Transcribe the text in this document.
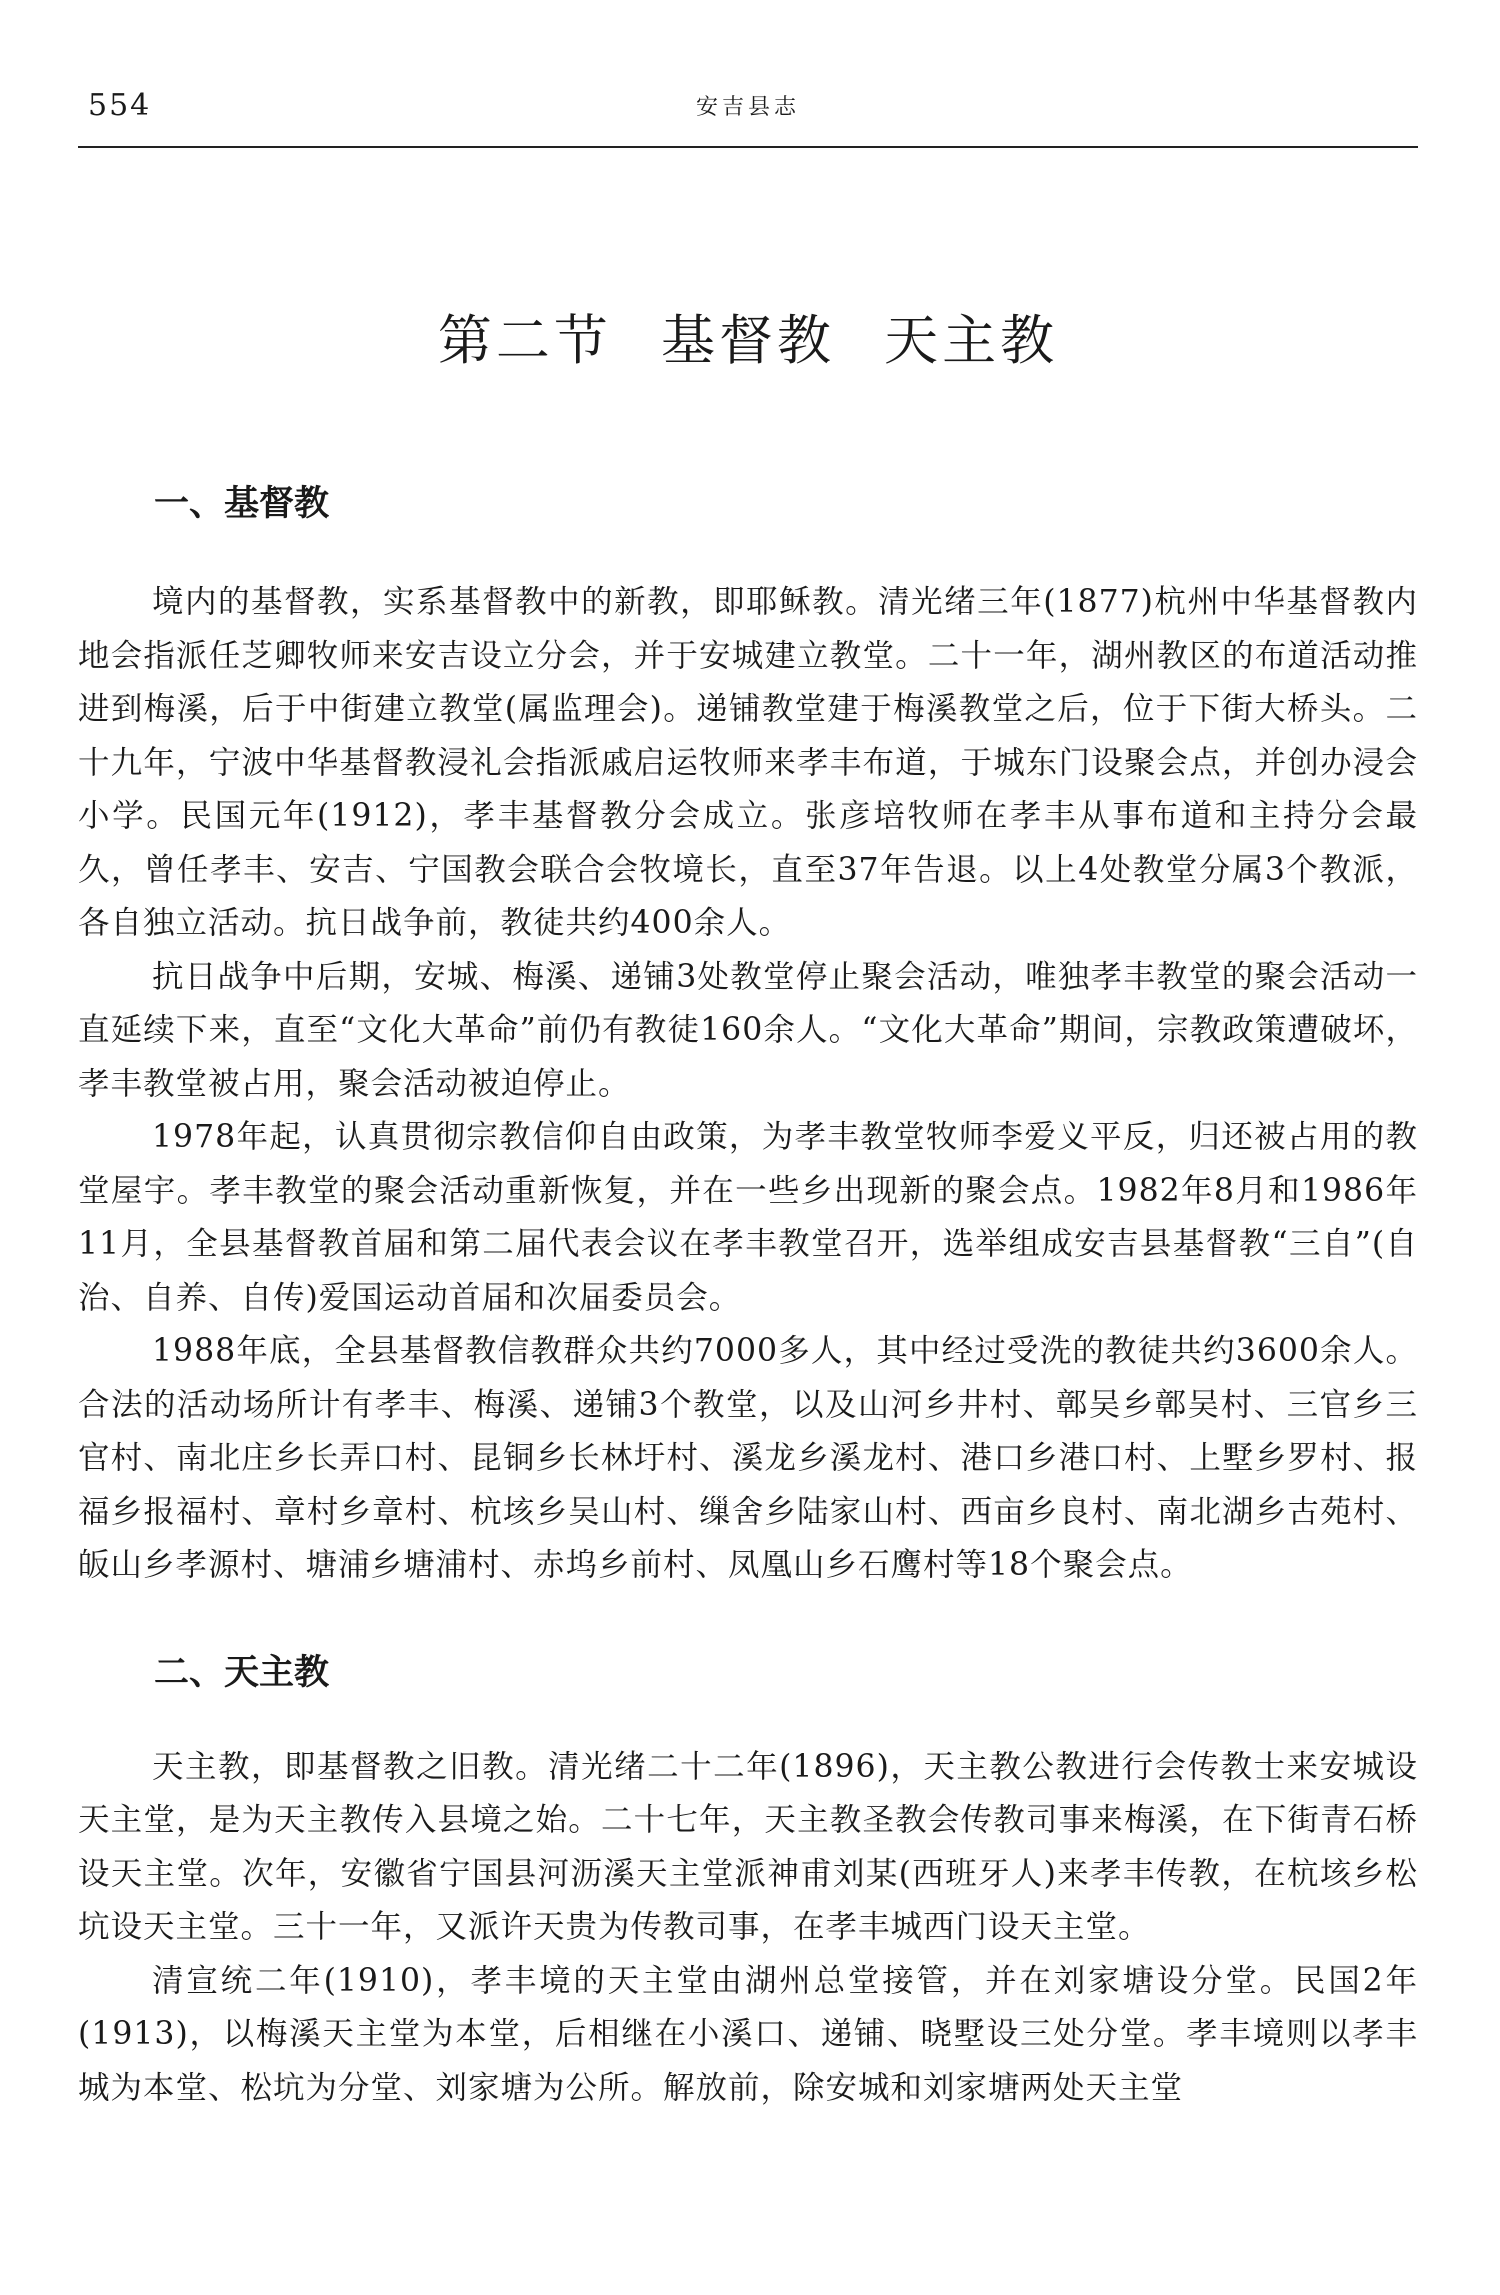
554	安吉县志
第二节 基督教 天主教
一、基督教

境内的基督教，实系基督教中的新教，即耶稣教。清光绪三年(1877)杭州中华基督教内地会指派任芝卿牧师来安吉设立分会，并于安城建立教堂。二十一年，湖州教区的布道活动推进到梅溪，后于中街建立教堂(属监理会)。递铺教堂建于梅溪教堂之后，位于下街大桥头。二十九年，宁波中华基督教浸礼会指派戚启运牧师来孝丰布道，于城东门设聚会点，并创办浸会小学。民国元年(1912)，孝丰基督教分会成立。张彦培牧师在孝丰从事布道和主持分会最久，曾任孝丰、安吉、宁国教会联合会牧境长，直至37年告退。以上4处教堂分属3个教派，各自独立活动。抗日战争前，教徒共约400余人。

抗日战争中后期，安城、梅溪、递铺3处教堂停止聚会活动，唯独孝丰教堂的聚会活动一直延续下来，直至“文化大革命”前仍有教徒160余人。“文化大革命”期间，宗教政策遭破坏，孝丰教堂被占用，聚会活动被迫停止。

1978年起，认真贯彻宗教信仰自由政策，为孝丰教堂牧师李爱义平反，归还被占用的教堂屋宇。孝丰教堂的聚会活动重新恢复，并在一些乡出现新的聚会点。1982年8月和1986年11月，全县基督教首届和第二届代表会议在孝丰教堂召开，选举组成安吉县基督教“三自”(自治、自养、自传)爱国运动首届和次届委员会。

1988年底，全县基督教信教群众共约7000多人，其中经过受洗的教徒共约3600余人。合法的活动场所计有孝丰、梅溪、递铺3个教堂，以及山河乡井村、鄣吴乡鄣吴村、三官乡三官村、南北庄乡长弄口村、昆铜乡长林圩村、溪龙乡溪龙村、港口乡港口村、上墅乡罗村、报福乡报福村、章村乡章村、杭垓乡吴山村、缫舍乡陆家山村、西亩乡良村、南北湖乡古苑村、皈山乡孝源村、塘浦乡塘浦村、赤坞乡前村、凤凰山乡石鹰村等18个聚会点。

二、天主教

天主教，即基督教之旧教。清光绪二十二年(1896)，天主教公教进行会传教士来安城设天主堂，是为天主教传入县境之始。二十七年，天主教圣教会传教司事来梅溪，在下街青石桥设天主堂。次年，安徽省宁国县河沥溪天主堂派神甫刘某(西班牙人)来孝丰传教，在杭垓乡松坑设天主堂。三十一年，又派许天贵为传教司事，在孝丰城西门设天主堂。

清宣统二年(1910)，孝丰境的天主堂由湖州总堂接管，并在刘家塘设分堂。民国2年(1913)，以梅溪天主堂为本堂，后相继在小溪口、递铺、晓墅设三处分堂。孝丰境则以孝丰城为本堂、松坑为分堂、刘家塘为公所。解放前，除安城和刘家塘两处天主堂
